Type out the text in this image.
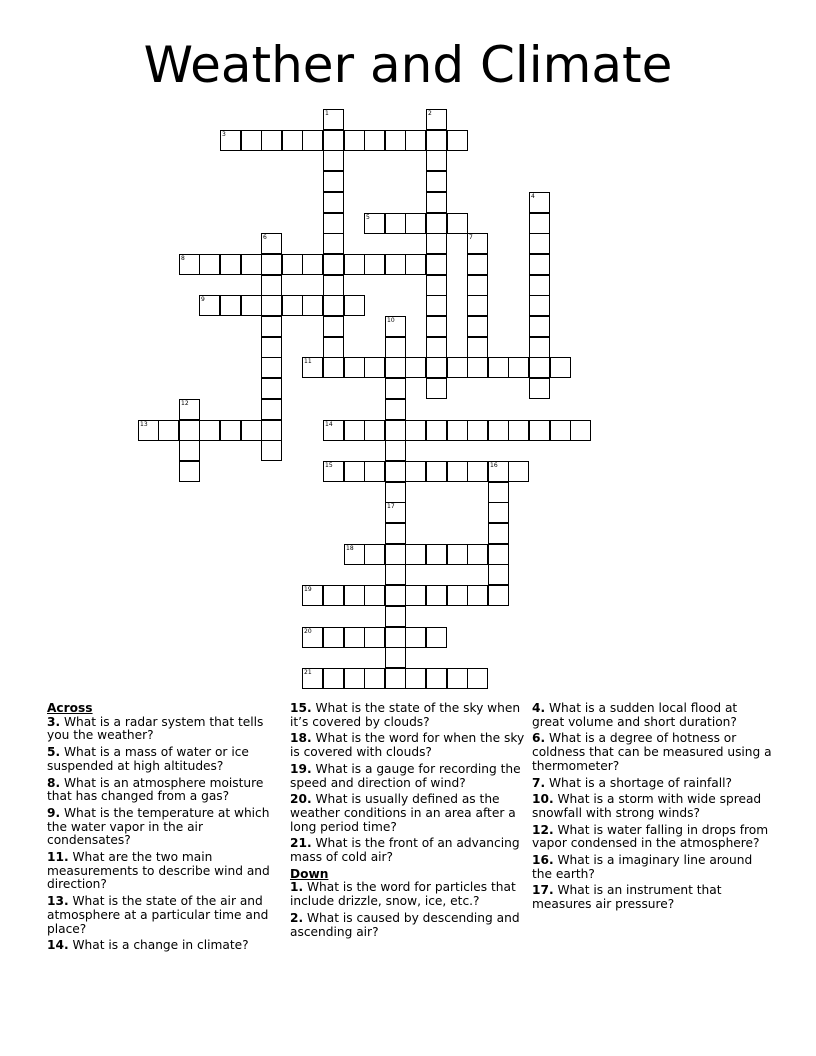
Weather and Climate
1	2
3
4
5
6	7
8
9
10
17
11
12
13	14
15	16
18
19
20
21
Across
3. What is a radar system that tells you the weather?
5. What is a mass of water or ice suspended at high altitudes?
8. What is an atmosphere moisture that has changed from a gas?
9. What is the temperature at which the water vapor in the air condensates?
11. What are the two main measurements to describe wind and direction?
13. What is the state of the air and atmosphere at a particular time and place?
14. What is a change in climate?
15. What is the state of the sky when it’s covered by clouds?
18. What is the word for when the sky is covered with clouds?
19. What is a gauge for recording the speed and direction of wind?
20. What is usually defined as the weather conditions in an area after a long period time?
21. What is the front of an advancing mass of cold air?
Down
1. What is the word for particles that include drizzle, snow, ice, etc.?
2. What is caused by descending and ascending air?
4. What is a sudden local flood at great volume and short duration?
6. What is a degree of hotness or coldness that can be measured using a thermometer?
7. What is a shortage of rainfall?
10. What is a storm with wide spread snowfall with strong winds?
12. What is water falling in drops from vapor condensed in the atmosphere?
16. What is a imaginary line around the earth?
17. What is an instrument that measures air pressure?
